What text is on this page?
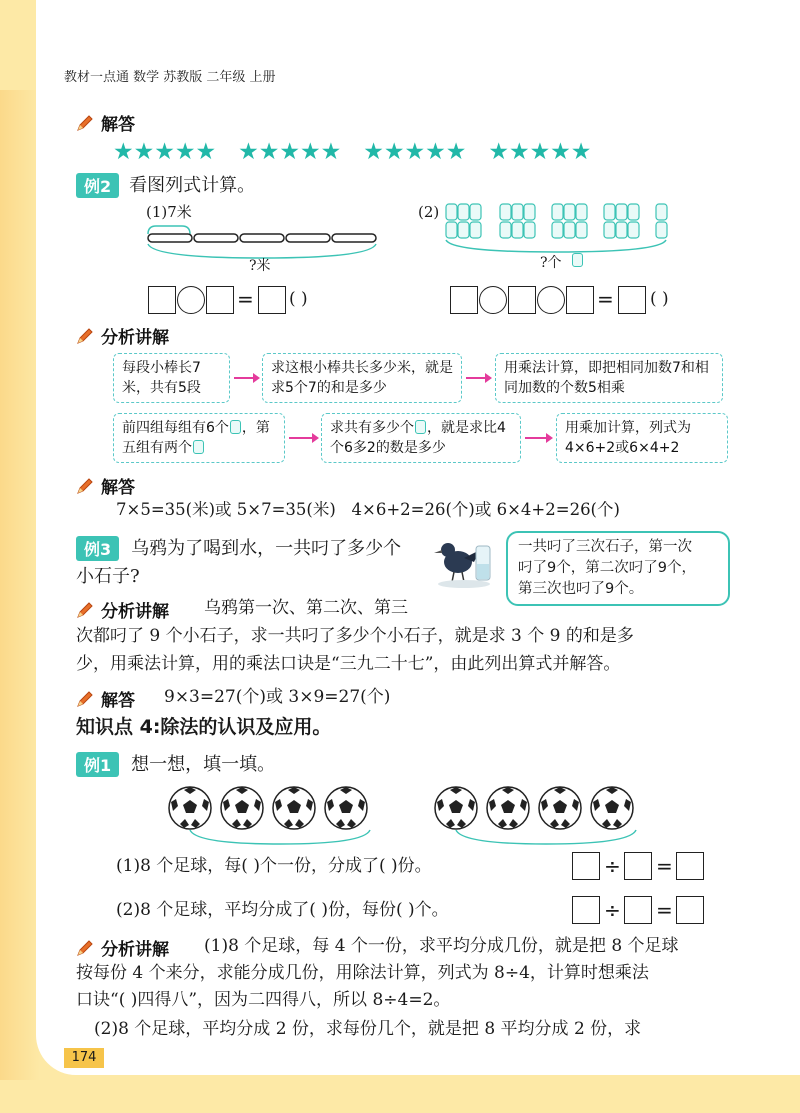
教材一点通 数学 苏教版 二年级 上册
解答
★★★★★ ★★★★★ ★★★★★ ★★★★★
例2	看图列式计算。
(1)7米
?米
= ( )
(2)
?个
= ( )
分析讲解
每段小棒长7米，共有5段
求这根小棒共长多少米，就是求5个7的和是多少
用乘法计算，即把相同加数7和相同加数的个数5相乘
前四组每组有6个 ，第五组有两个
求共有多少个 ，就是求比4个6多2的数是多少
用乘加计算，列式为4×6+2或6×4+2
解答
7×5=35(米)或 5×7=35(米)   4×6+2=26(个)或 6×4+2=26(个)
例3	乌鸦为了喝到水，一共叼了多少个
小石子?
一共叼了三次石子，第一次
叼了9个，第二次叼了9个，
第三次也叼了9个。
分析讲解	乌鸦第一次、第二次、第三
次都叼了 9 个小石子，求一共叼了多少个小石子，就是求 3 个 9 的和是多
少，用乘法计算，用的乘法口诀是“三九二十七”，由此列出算式并解答。
解答	9×3=27(个)或 3×9=27(个)
知识点 4:除法的认识及应用。
例1	想一想，填一填。
(1)8 个足球，每( )个一份，分成了( )份。	÷ =
(2)8 个足球，平均分成了( )份，每份( )个。	÷ =
分析讲解	(1)8 个足球，每 4 个一份，求平均分成几份，就是把 8 个足球
按每份 4 个来分，求能分成几份，用除法计算，列式为 8÷4，计算时想乘法
口诀“( )四得八”，因为二四得八，所以 8÷4=2。
(2)8 个足球，平均分成 2 份，求每份几个，就是把 8 平均分成 2 份，求
174
